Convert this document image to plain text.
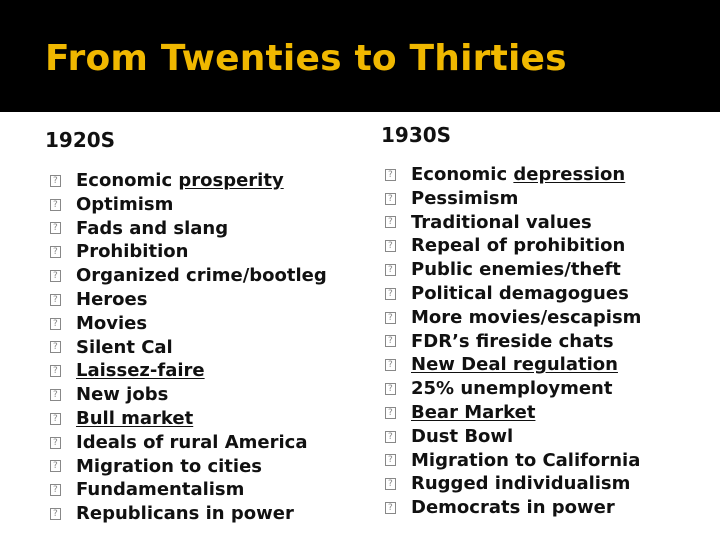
From Twenties to Thirties
1920S	1930S
?
Economic prosperity
?
Optimism
?
Fads and slang
?
Prohibition
?
Organized crime/bootleg
?
Heroes
?
Movies
?
Silent Cal
?
Laissez-faire
?
New jobs
?
Bull market
?
Ideals of rural America
?
Migration to cities
?
Fundamentalism
?
Republicans in power
?
Economic depression
?
Pessimism
?
Traditional values
?
Repeal of prohibition
?
Public enemies/theft
?
Political demagogues
?
More movies/escapism
?
FDR’s fireside chats
?
New Deal regulation
?
25% unemployment
?
Bear Market
?
Dust Bowl
?
Migration to California
?
Rugged individualism
?
Democrats in power
